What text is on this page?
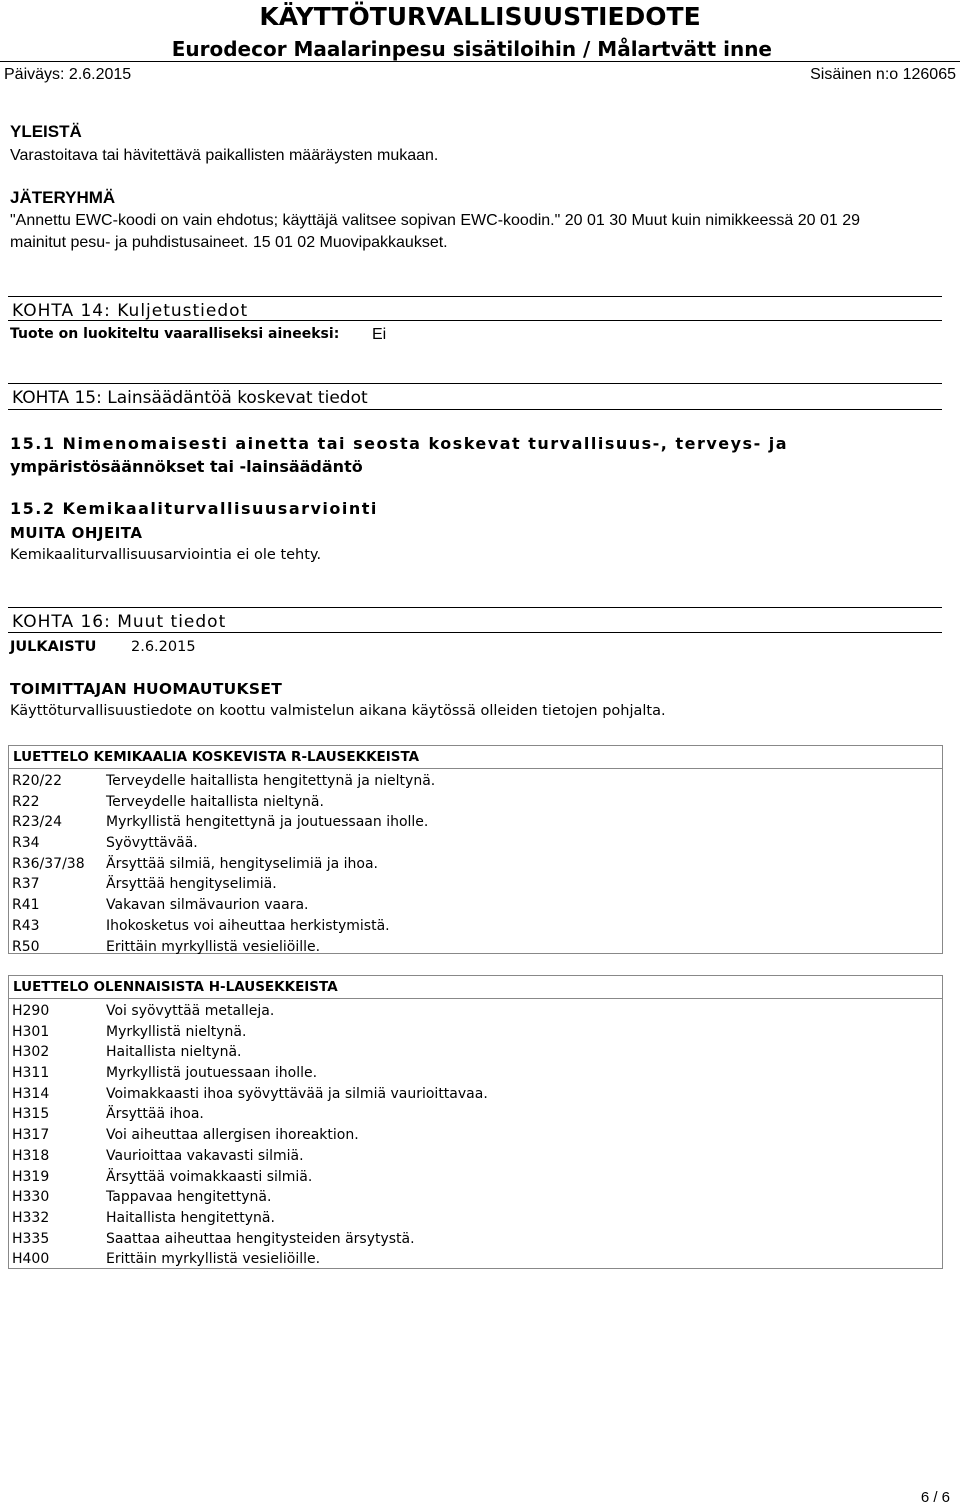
KÄYTTÖTURVALLISUUSTIEDOTE
Eurodecor Maalarinpesu sisätiloihin / Målartvätt inne
Päiväys: 2.6.2015	Sisäinen n:o 126065
YLEISTÄ
Varastoitava tai hävitettävä paikallisten määräysten mukaan.
JÄTERYHMÄ
"Annettu EWC-koodi on vain ehdotus; käyttäjä valitsee sopivan EWC-koodin." 20 01 30 Muut kuin nimikkeessä 20 01 29
mainitut pesu- ja puhdistusaineet. 15 01 02 Muovipakkaukset.
KOHTA 14: Kuljetustiedot
Tuote on luokiteltu vaaralliseksi aineeksi: Ei
KOHTA 15: Lainsäädäntöä koskevat tiedot
15.1 Nimenomaisesti ainetta tai seosta koskevat turvallisuus-, terveys- ja
ympäristösäännökset tai -lainsäädäntö
15.2 Kemikaaliturvallisuusarviointi
MUITA OHJEITA
Kemikaaliturvallisuusarviointia ei ole tehty.
KOHTA 16: Muut tiedot
JULKAISTU 2.6.2015
TOIMITTAJAN HUOMAUTUKSET
Käyttöturvallisuustiedote on koottu valmistelun aikana käytössä olleiden tietojen pohjalta.
LUETTELO KEMIKAALIA KOSKEVISTA R-LAUSEKKEISTA
R20/22	Terveydelle haitallista hengitettynä ja nieltynä.
R22	Terveydelle haitallista nieltynä.
R23/24	Myrkyllistä hengitettynä ja joutuessaan iholle.
R34	Syövyttävää.
R36/37/38	Ärsyttää silmiä, hengityselimiä ja ihoa.
R37	Ärsyttää hengityselimiä.
R41	Vakavan silmävaurion vaara.
R43	Ihokosketus voi aiheuttaa herkistymistä.
R50	Erittäin myrkyllistä vesieliöille.
LUETTELO OLENNAISISTA H-LAUSEKKEISTA
H290	Voi syövyttää metalleja.
H301	Myrkyllistä nieltynä.
H302	Haitallista nieltynä.
H311	Myrkyllistä joutuessaan iholle.
H314	Voimakkaasti ihoa syövyttävää ja silmiä vaurioittavaa.
H315	Ärsyttää ihoa.
H317	Voi aiheuttaa allergisen ihoreaktion.
H318	Vaurioittaa vakavasti silmiä.
H319	Ärsyttää voimakkaasti silmiä.
H330	Tappavaa hengitettynä.
H332	Haitallista hengitettynä.
H335	Saattaa aiheuttaa hengitysteiden ärsytystä.
H400	Erittäin myrkyllistä vesieliöille.
6 / 6
